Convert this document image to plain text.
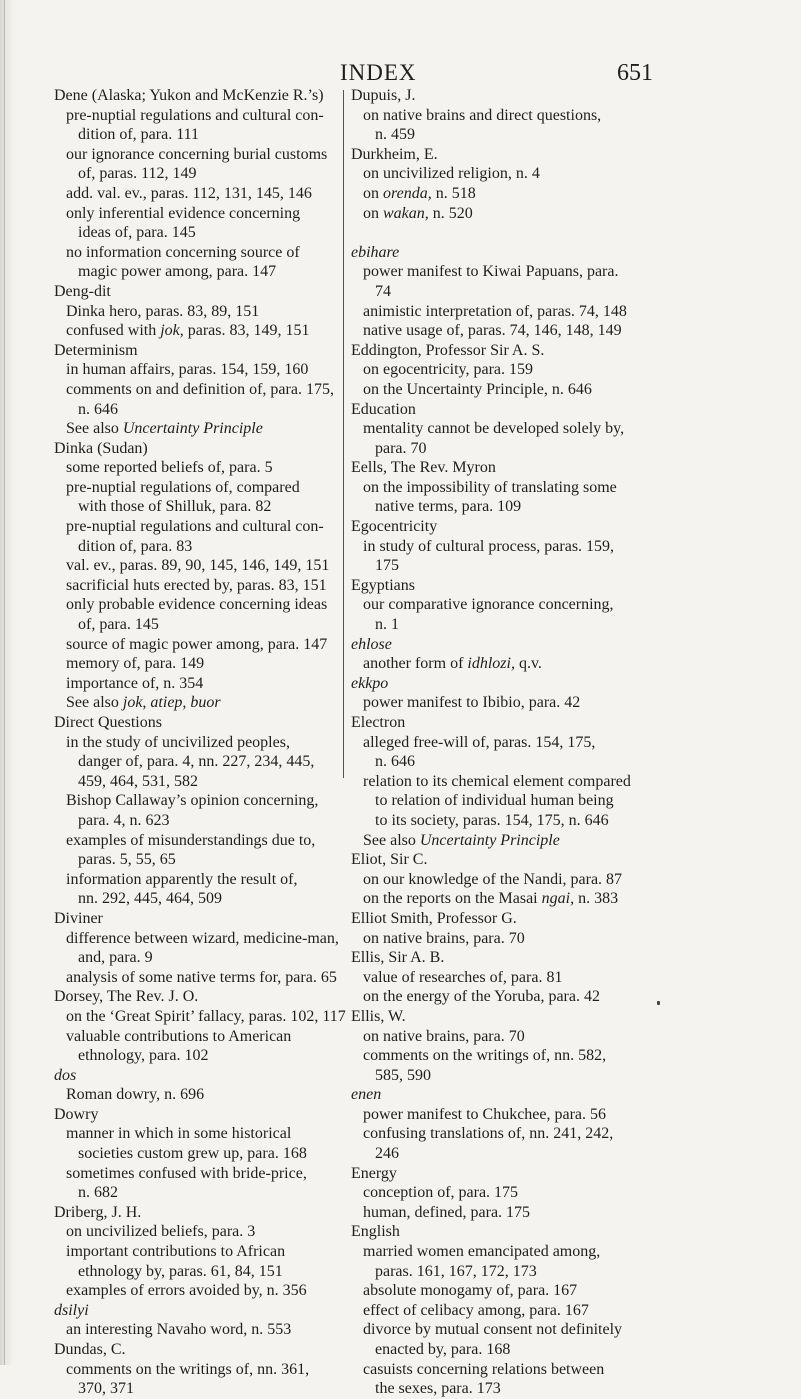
INDEX	651
Dene (Alaska; Yukon and McKenzie R.’s)
pre-nuptial regulations and cultural con-
dition of, para. 111
our ignorance concerning burial customs
of, paras. 112, 149
add. val. ev., paras. 112, 131, 145, 146
only inferential evidence concerning
ideas of, para. 145
no information concerning source of
magic power among, para. 147
Deng-dit
Dinka hero, paras. 83, 89, 151
confused with jok, paras. 83, 149, 151
Determinism
in human affairs, paras. 154, 159, 160
comments on and definition of, para. 175,
n. 646
See also Uncertainty Principle
Dinka (Sudan)
some reported beliefs of, para. 5
pre-nuptial regulations of, compared
with those of Shilluk, para. 82
pre-nuptial regulations and cultural con-
dition of, para. 83
val. ev., paras. 89, 90, 145, 146, 149, 151
sacrificial huts erected by, paras. 83, 151
only probable evidence concerning ideas
of, para. 145
source of magic power among, para. 147
memory of, para. 149
importance of, n. 354
See also jok, atiep, buor
Direct Questions
in the study of uncivilized peoples,
danger of, para. 4, nn. 227, 234, 445,
459, 464, 531, 582
Bishop Callaway’s opinion concerning,
para. 4, n. 623
examples of misunderstandings due to,
paras. 5, 55, 65
information apparently the result of,
nn. 292, 445, 464, 509
Diviner
difference between wizard, medicine-man,
and, para. 9
analysis of some native terms for, para. 65
Dorsey, The Rev. J. O.
on the ‘Great Spirit’ fallacy, paras. 102, 117
valuable contributions to American
ethnology, para. 102
dos
Roman dowry, n. 696
Dowry
manner in which in some historical
societies custom grew up, para. 168
sometimes confused with bride-price,
n. 682
Driberg, J. H.
on uncivilized beliefs, para. 3
important contributions to African
ethnology by, paras. 61, 84, 151
examples of errors avoided by, n. 356
dsilyi
an interesting Navaho word, n. 553
Dundas, C.
comments on the writings of, nn. 361,
370, 371
Dupuis, J.
on native brains and direct questions,
n. 459
Durkheim, E.
on uncivilized religion, n. 4
on orenda, n. 518
on wakan, n. 520

ebihare
power manifest to Kiwai Papuans, para.
74
animistic interpretation of, paras. 74, 148
native usage of, paras. 74, 146, 148, 149
Eddington, Professor Sir A. S.
on egocentricity, para. 159
on the Uncertainty Principle, n. 646
Education
mentality cannot be developed solely by,
para. 70
Eells, The Rev. Myron
on the impossibility of translating some
native terms, para. 109
Egocentricity
in study of cultural process, paras. 159,
175
Egyptians
our comparative ignorance concerning,
n. 1
ehlose
another form of idhlozi, q.v.
ekkpo
power manifest to Ibibio, para. 42
Electron
alleged free-will of, paras. 154, 175,
n. 646
relation to its chemical element compared
to relation of individual human being
to its society, paras. 154, 175, n. 646
See also Uncertainty Principle
Eliot, Sir C.
on our knowledge of the Nandi, para. 87
on the reports on the Masai ngai, n. 383
Elliot Smith, Professor G.
on native brains, para. 70
Ellis, Sir A. B.
value of researches of, para. 81
on the energy of the Yoruba, para. 42
Ellis, W.
on native brains, para. 70
comments on the writings of, nn. 582,
585, 590
enen
power manifest to Chukchee, para. 56
confusing translations of, nn. 241, 242,
246
Energy
conception of, para. 175
human, defined, para. 175
English
married women emancipated among,
paras. 161, 167, 172, 173
absolute monogamy of, para. 167
effect of celibacy among, para. 167
divorce by mutual consent not definitely
enacted by, para. 168
casuists concerning relations between
the sexes, para. 173
